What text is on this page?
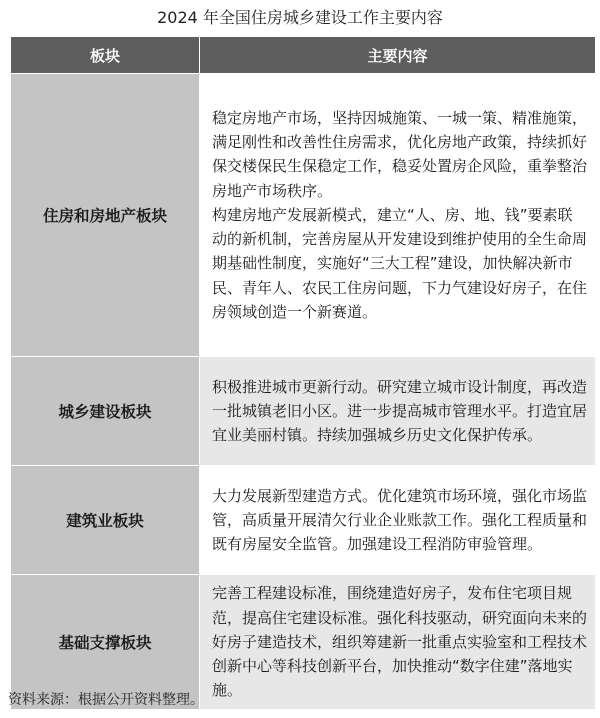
2024 年全国住房城乡建设工作主要内容
板块	主要内容
住房和房地产板块	稳定房地产市场，坚持因城施策、一城一策、精准施策，满足刚性和改善性住房需求，优化房地产政策，持续抓好保交楼保民生保稳定工作，稳妥处置房企风险，重拳整治房地产市场秩序。
构建房地产发展新模式，建立“人、房、地、钱”要素联动的新机制，完善房屋从开发建设到维护使用的全生命周期基础性制度，实施好“三大工程”建设，加快解决新市民、青年人、农民工住房问题，下力气建设好房子，在住房领域创造一个新赛道。

城乡建设板块	积极推进城市更新行动。研究建立城市设计制度，再改造一批城镇老旧小区。进一步提高城市管理水平。打造宜居宜业美丽村镇。持续加强城乡历史文化保护传承。

建筑业板块	大力发展新型建造方式。优化建筑市场环境，强化市场监管，高质量开展清欠行业企业账款工作。强化工程质量和既有房屋安全监管。加强建设工程消防审验管理。

基础支撑板块	完善工程建设标准，围绕建造好房子，发布住宅项目规范，提高住宅建设标准。强化科技驱动，研究面向未来的好房子建造技术，组织筹建新一批重点实验室和工程技术创新中心等科技创新平台，加快推动“数字住建”落地实施。
资料来源：根据公开资料整理。
